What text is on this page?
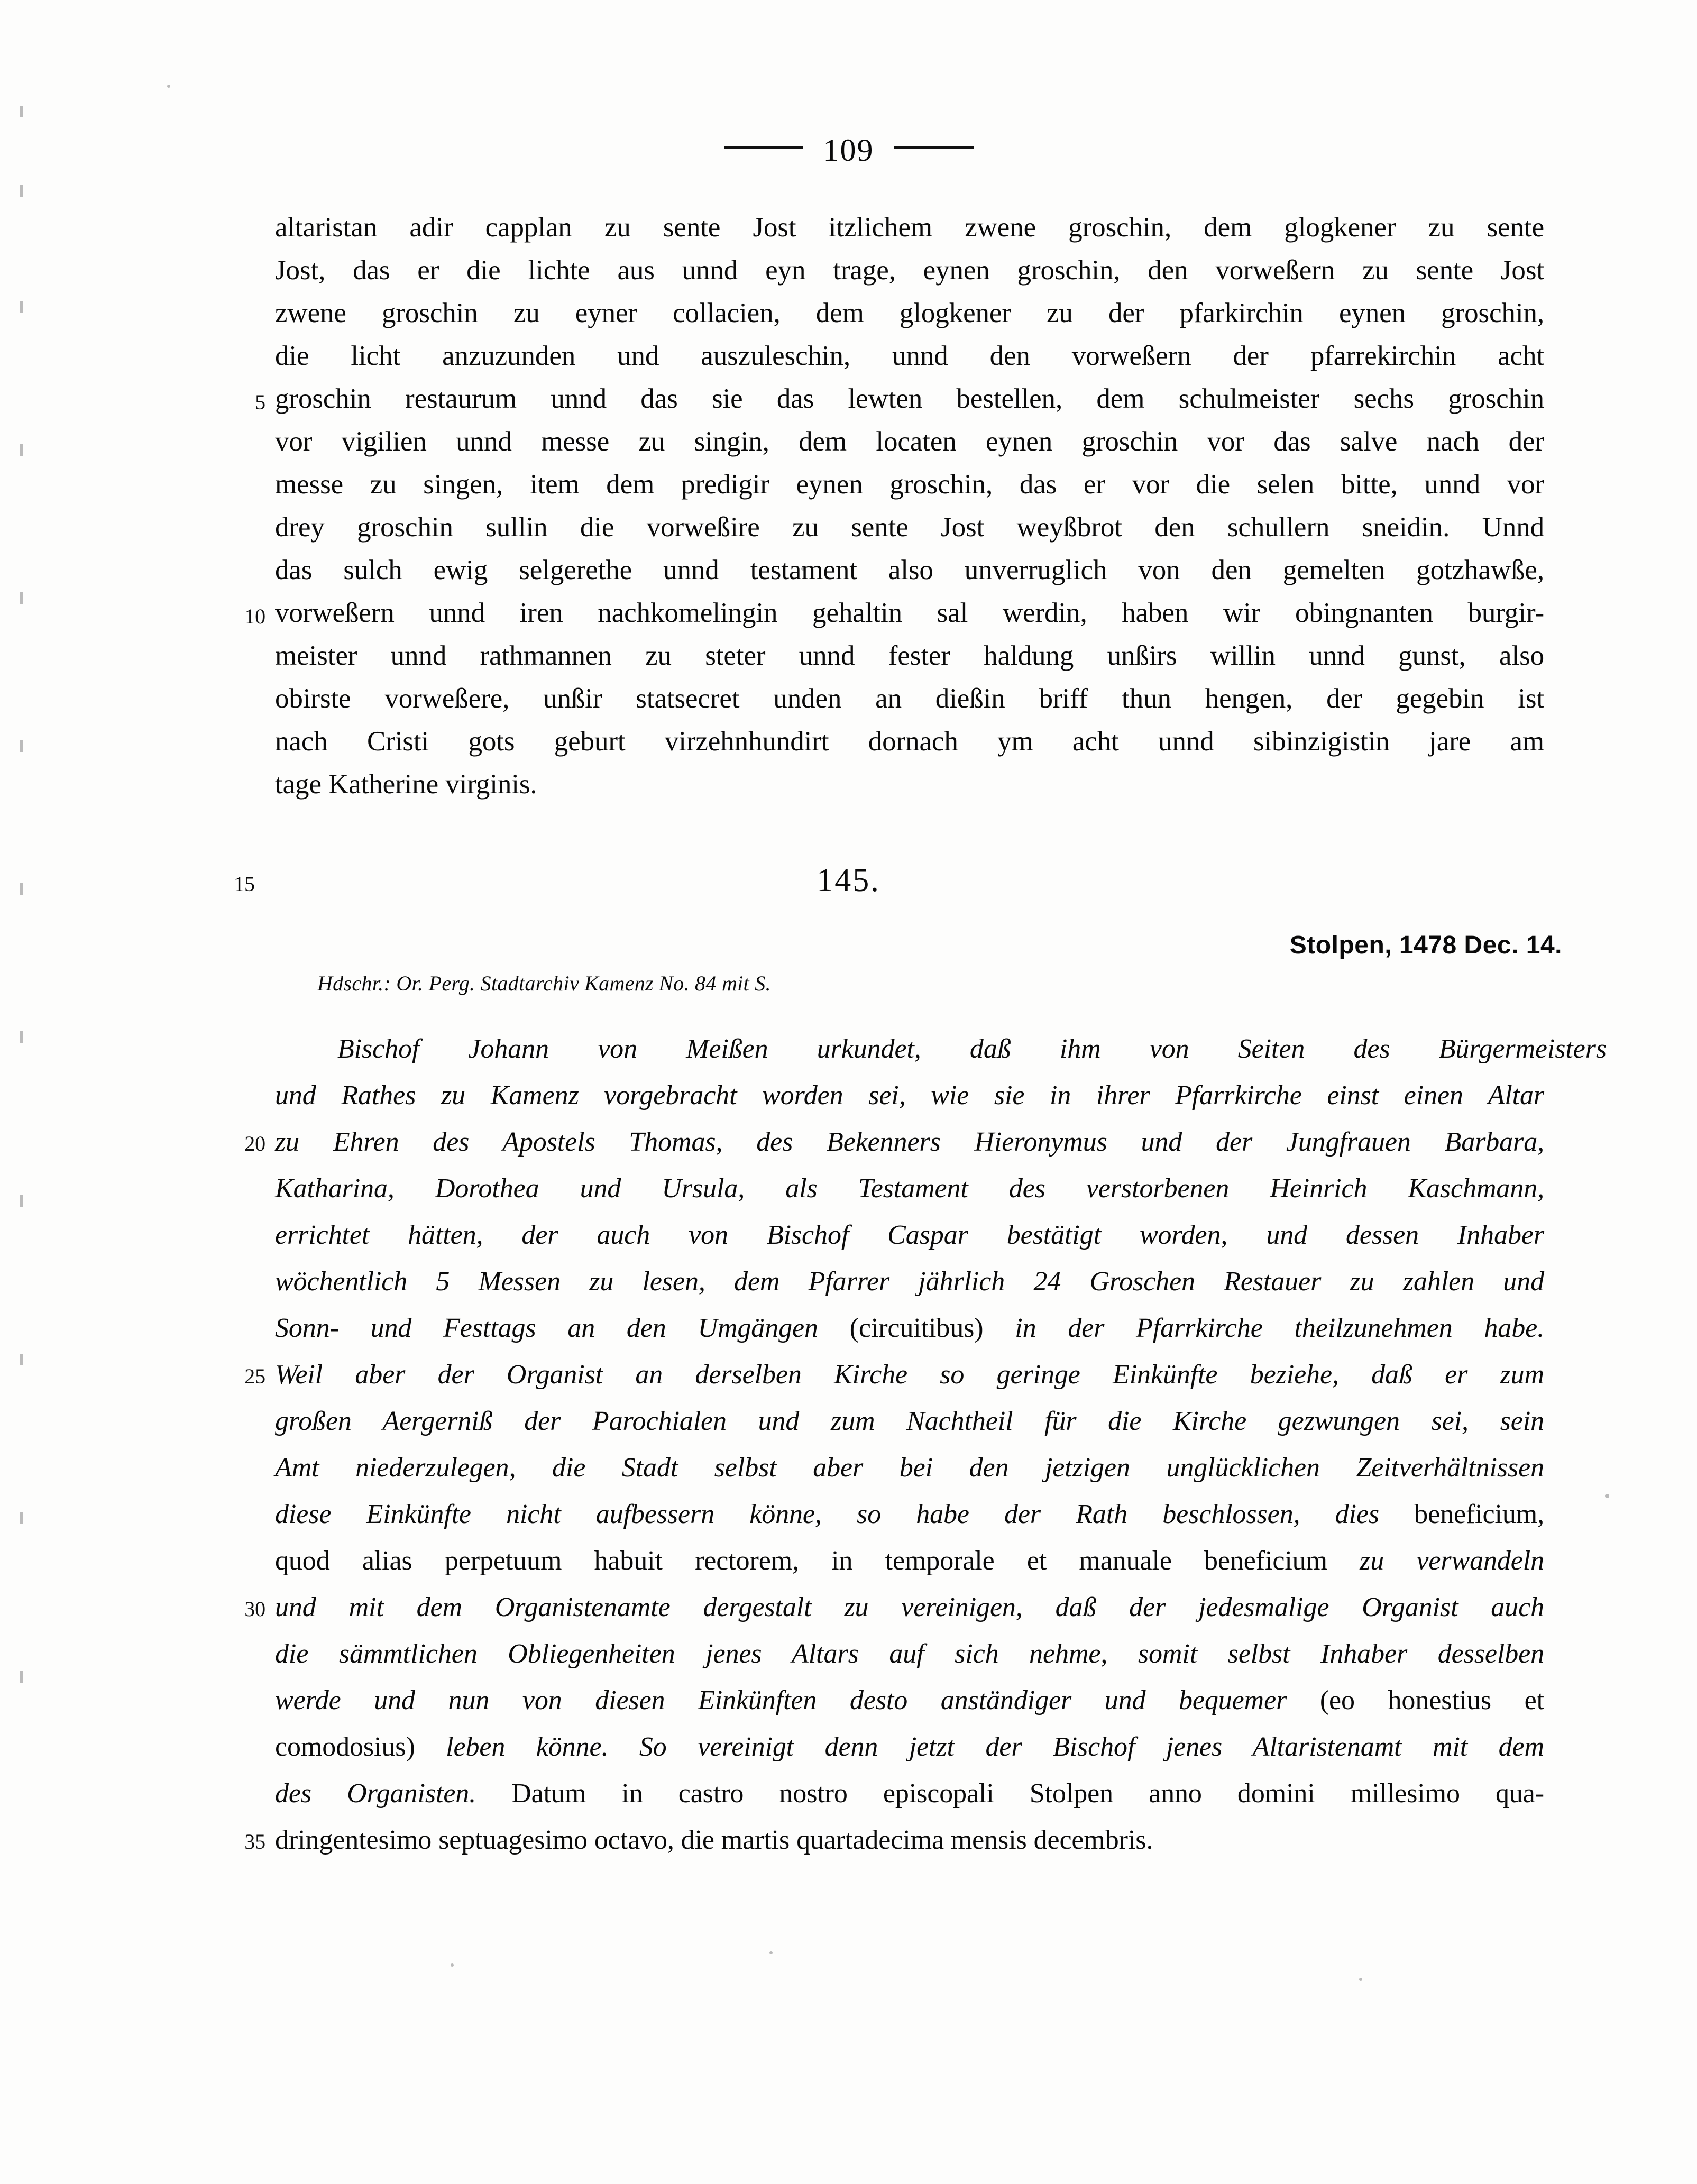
109
altaristan adir capplan zu sente Jost itzlichem zwene groschin, dem glogkener zu sente
Jost, das er die lichte aus unnd eyn trage, eynen groschin, den vorweßern zu sente Jost
zwene groschin zu eyner collacien, dem glogkener zu der pfarkirchin eynen groschin,
die licht anzuzunden und auszuleschin, unnd den vorweßern der pfarrekirchin acht
5 groschin restaurum unnd das sie das lewten bestellen, dem schulmeister sechs groschin
vor vigilien unnd messe zu singin, dem locaten eynen groschin vor das salve nach der
messe zu singen, item dem predigir eynen groschin, das er vor die selen bitte, unnd vor
drey groschin sullin die vorweßire zu sente Jost weyßbrot den schullern sneidin. Unnd
das sulch ewig selgerethe unnd testament also unverruglich von den gemelten gotzhawße,
10 vorweßern unnd iren nachkomelingin gehaltin sal werdin, haben wir obingnanten burgir-
meister unnd rathmannen zu steter unnd fester haldung unßirs willin unnd gunst, also
obirste vorweßere, unßir statsecret unden an dießin briff thun hengen, der gegebin ist
nach Cristi gots geburt virzehnhundirt dornach ym acht unnd sibinzigistin jare am
tage Katherine virginis.
15	145.
Stolpen, 1478 Dec. 14.
Hdschr.: Or. Perg. Stadtarchiv Kamenz No. 84 mit S.
Bischof Johann von Meißen urkundet, daß ihm von Seiten des Bürgermeisters
und Rathes zu Kamenz vorgebracht worden sei, wie sie in ihrer Pfarrkirche einst einen Altar
20 zu Ehren des Apostels Thomas, des Bekenners Hieronymus und der Jungfrauen Barbara,
Katharina, Dorothea und Ursula, als Testament des verstorbenen Heinrich Kaschmann,
errichtet hätten, der auch von Bischof Caspar bestätigt worden, und dessen Inhaber
wöchentlich 5 Messen zu lesen, dem Pfarrer jährlich 24 Groschen Restauer zu zahlen und
Sonn- und Festtags an den Umgängen (circuitibus) in der Pfarrkirche theilzunehmen habe.
25 Weil aber der Organist an derselben Kirche so geringe Einkünfte beziehe, daß er zum
großen Aergerniß der Parochialen und zum Nachtheil für die Kirche gezwungen sei, sein
Amt niederzulegen, die Stadt selbst aber bei den jetzigen unglücklichen Zeitverhältnissen
diese Einkünfte nicht aufbessern könne, so habe der Rath beschlossen, dies beneficium,
quod alias perpetuum habuit rectorem, in temporale et manuale beneficium zu verwandeln
30 und mit dem Organistenamte dergestalt zu vereinigen, daß der jedesmalige Organist auch
die sämmtlichen Obliegenheiten jenes Altars auf sich nehme, somit selbst Inhaber desselben
werde und nun von diesen Einkünften desto anständiger und bequemer (eo honestius et
comodosius) leben könne. So vereinigt denn jetzt der Bischof jenes Altaristenamt mit dem
des Organisten. Datum in castro nostro episcopali Stolpen anno domini millesimo qua-
35 dringentesimo septuagesimo octavo, die martis quartadecima mensis decembris.
